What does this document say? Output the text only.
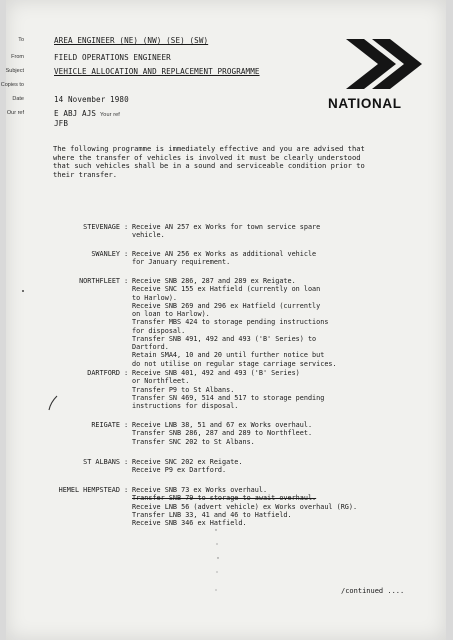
To	AREA ENGINEER (NE) (NW) (SE) (SW)
From	FIELD OPERATIONS ENGINEER
Subject	VEHICLE ALLOCATION AND REPLACEMENT PROGRAMME
Copies to
Date	14 November 1980
Our ref	E ABJ AJS Your ref
JFB
NATIONAL
The following programme is immediately effective and you are advised that
where the transfer of vehicles is involved it must be clearly understood
that such vehicles shall be in a sound and serviceable condition prior to
their transfer.
STEVENAGE : Receive AN 257 ex Works for town service spare
vehicle.
SWANLEY : Receive AN 256 ex Works as additional vehicle
for January requirement.
NORTHFLEET : Receive SNB 286, 287 and 289 ex Reigate.
Receive SNC 155 ex Hatfield (currently on loan
to Harlow).
Receive SNB 269 and 296 ex Hatfield (currently
on loan to Harlow).
Transfer MBS 424 to storage pending instructions
for disposal.
Transfer SNB 491, 492 and 493 ('B' Series) to
Dartford.
Retain SMA4, 10 and 20 until further notice but
do not utilise on regular stage carriage services.
DARTFORD : Receive SNB 401, 492 and 493 ('B' Series)
or Northfleet.
Transfer P9 to St Albans.
Transfer SN 469, 514 and 517 to storage pending
instructions for disposal.
REIGATE : Receive LNB 38, 51 and 67 ex Works overhaul.
Transfer SNB 286, 287 and 289 to Northfleet.
Transfer SNC 202 to St Albans.
ST ALBANS : Receive SNC 202 ex Reigate.
Receive P9 ex Dartford.
HEMEL HEMPSTEAD : Receive SNB 73 ex Works overhaul.
Transfer SNB 79 to storage to await overhaul.
Receive LNB 56 (advert vehicle) ex Works overhaul (RG).
Transfer LNB 33, 41 and 46 to Hatfield.
Receive SNB 346 ex Hatfield.
/continued ....
